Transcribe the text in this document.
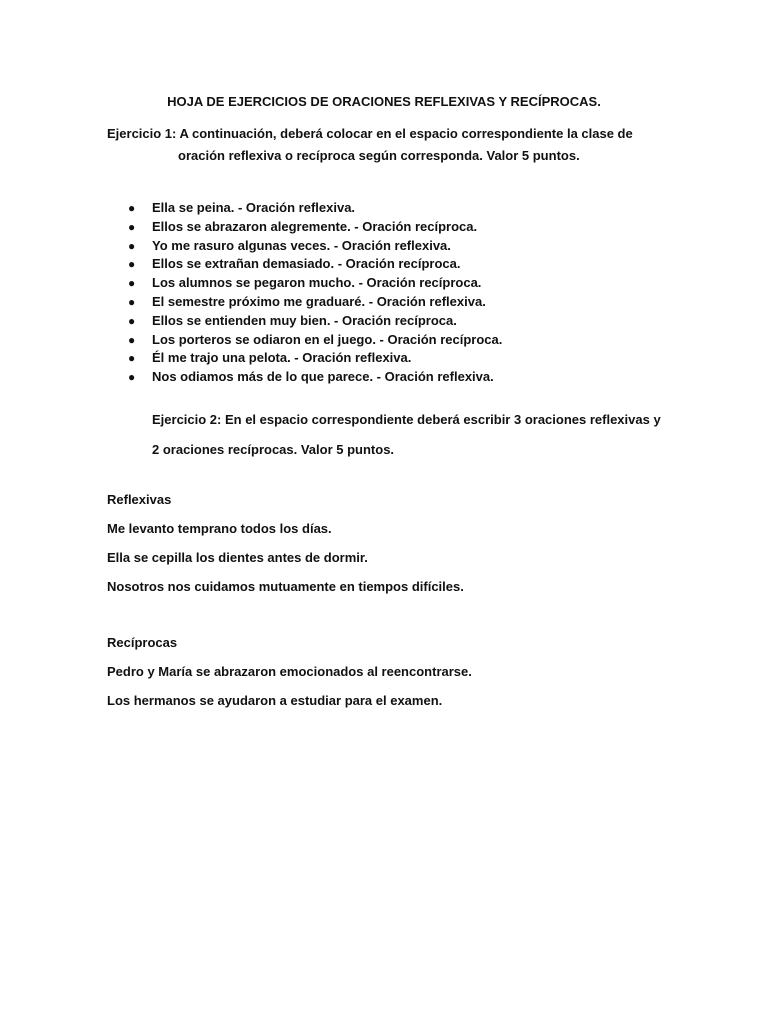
HOJA DE EJERCICIOS DE ORACIONES REFLEXIVAS Y RECÍPROCAS.

Ejercicio 1: A continuación, deberá colocar en el espacio correspondiente la clase de
oración reflexiva o recíproca según corresponda. Valor 5 puntos.

● Ella se peina. - Oración reflexiva.
● Ellos se abrazaron alegremente. - Oración recíproca.
● Yo me rasuro algunas veces. - Oración reflexiva.
● Ellos se extrañan demasiado. - Oración recíproca.
● Los alumnos se pegaron mucho. - Oración recíproca.
● El semestre próximo me graduaré. - Oración reflexiva.
● Ellos se entienden muy bien. - Oración recíproca.
● Los porteros se odiaron en el juego. - Oración recíproca.
● Él me trajo una pelota. - Oración reflexiva.
● Nos odiamos más de lo que parece. - Oración reflexiva.

Ejercicio 2: En el espacio correspondiente deberá escribir 3 oraciones reflexivas y
2 oraciones recíprocas. Valor 5 puntos.

Reflexivas

Me levanto temprano todos los días.

Ella se cepilla los dientes antes de dormir.

Nosotros nos cuidamos mutuamente en tiempos difíciles.

Recíprocas

Pedro y María se abrazaron emocionados al reencontrarse.

Los hermanos se ayudaron a estudiar para el examen.
